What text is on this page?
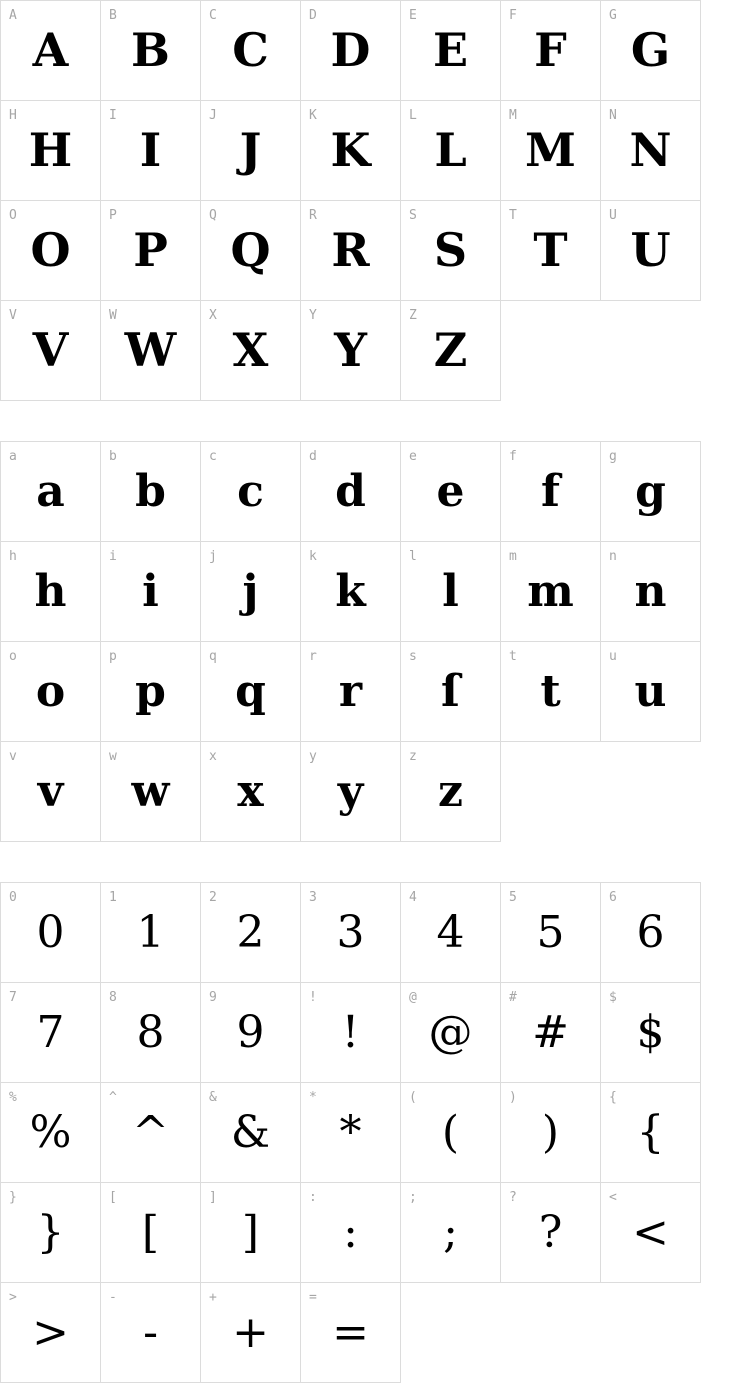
A
A
B
B
C
C
D
D
E
E
F
F
G
G
H
H
I
I
J
J
K
K
L
L
M
M
N
N
O
O
P
P
Q
Q
R
R
S
S
T
T
U
U
V
V
W
W
X
X
Y
Y
Z
Z
a
a
b
b
c
c
d
d
e
e
f
f
g
g
h
h
i
i
j
j
k
k
l
l
m
m
n
n
o
o
p
p
q
q
r
r
s
ſ
t
t
u
u
v
v
w
w
x
x
y
y
z
z
0
0
1
1
2
2
3
3
4
4
5
5
6
6
7
7
8
8
9
9
!
!
@
@
#
#
$
$
%
%
^
^
&
&
*
*
(
(
)
)
{
{
}
}
[
[
]
]
:
:
;
;
?
?
<
<
>
>
-
-
+
+
=
=
